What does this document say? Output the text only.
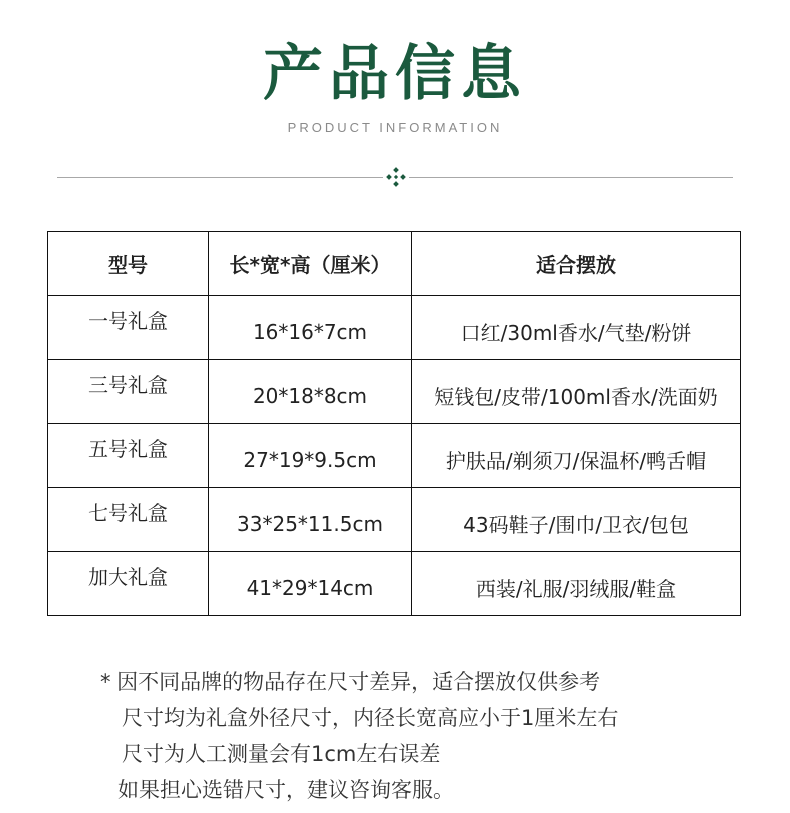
产品信息
PRODUCT INFORMATION
型号	长*宽*高（厘米）	适合摆放
一号礼盒	16*16*7cm	口红/30ml香水/气垫/粉饼
三号礼盒	20*18*8cm	短钱包/皮带/100ml香水/洗面奶
五号礼盒	27*19*9.5cm	护肤品/剃须刀/保温杯/鸭舌帽
七号礼盒	33*25*11.5cm	43码鞋子/围巾/卫衣/包包
加大礼盒	41*29*14cm	西装/礼服/羽绒服/鞋盒
* 因不同品牌的物品存在尺寸差异，适合摆放仅供参考
尺寸均为礼盒外径尺寸，内径长宽高应小于1厘米左右
尺寸为人工测量会有1cm左右误差
如果担心选错尺寸，建议咨询客服。
